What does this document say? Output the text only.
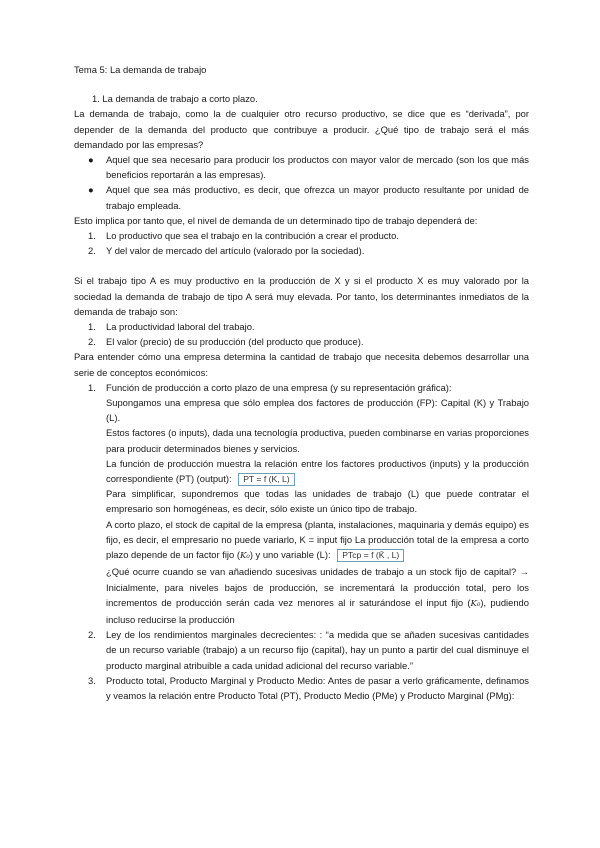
Tema 5: La demanda de trabajo

1. La demanda de trabajo a corto plazo.

La demanda de trabajo, como la de cualquier otro recurso productivo, se dice que es “derivada”, por depender de la demanda del producto que contribuye a producir. ¿Qué tipo de trabajo será el más demandado por las empresas?

●	Aquel que sea necesario para producir los productos con mayor valor de mercado (son los que más beneficios reportarán a las empresas).
●	Aquel que sea más productivo, es decir, que ofrezca un mayor producto resultante por unidad de trabajo empleada.

Esto implica por tanto que, el nivel de demanda de un determinado tipo de trabajo dependerá de:

1.	Lo productivo que sea el trabajo en la contribución a crear el producto.
2.	Y del valor de mercado del artículo (valorado por la sociedad).

Si el trabajo tipo A es muy productivo en la producción de X y si el producto X es muy valorado por la sociedad la demanda de trabajo de tipo A será muy elevada. Por tanto, los determinantes inmediatos de la demanda de trabajo son:

1.	La productividad laboral del trabajo.
2.	El valor (precio) de su producción (del producto que produce).

Para entender cómo una empresa determina la cantidad de trabajo que necesita debemos desarrollar una serie de conceptos económicos:

1.	Función de producción a corto plazo de una empresa (y su representación gráfica):
Supongamos una empresa que sólo emplea dos factores de producción (FP): Capital (K) y Trabajo (L).
Estos factores (o inputs), dada una tecnología productiva, pueden combinarse en varias proporciones para producir determinados bienes y servicios.
La función de producción muestra la relación entre los factores productivos (inputs) y la producción correspondiente (PT) (output): PT = f (K, L)
Para simplificar, supondremos que todas las unidades de trabajo (L) que puede contratar el empresario son homogéneas, es decir, sólo existe un único tipo de trabajo.
A corto plazo, el stock de capital de la empresa (planta, instalaciones, maquinaria y demás equipo) es fijo, es decir, el empresario no puede variarlo, K = input fijo La producción total de la empresa a corto plazo depende de un factor fijo (K₀) y uno variable (L): PTcp = f (K̄ , L)
¿Qué ocurre cuando se van añadiendo sucesivas unidades de trabajo a un stock fijo de capital? → Inicialmente, para niveles bajos de producción, se incrementará la producción total, pero los incrementos de producción serán cada vez menores al ir saturándose el input fijo (K₀), pudiendo incluso reducirse la producción
2.	Ley de los rendimientos marginales decrecientes: : “a medida que se añaden sucesivas cantidades de un recurso variable (trabajo) a un recurso fijo (capital), hay un punto a partir del cual disminuye el producto marginal atribuible a cada unidad adicional del recurso variable.”
3.	Producto total, Producto Marginal y Producto Medio: Antes de pasar a verlo gráficamente, definamos y veamos la relación entre Producto Total (PT), Producto Medio (PMe) y Producto Marginal (PMg):
